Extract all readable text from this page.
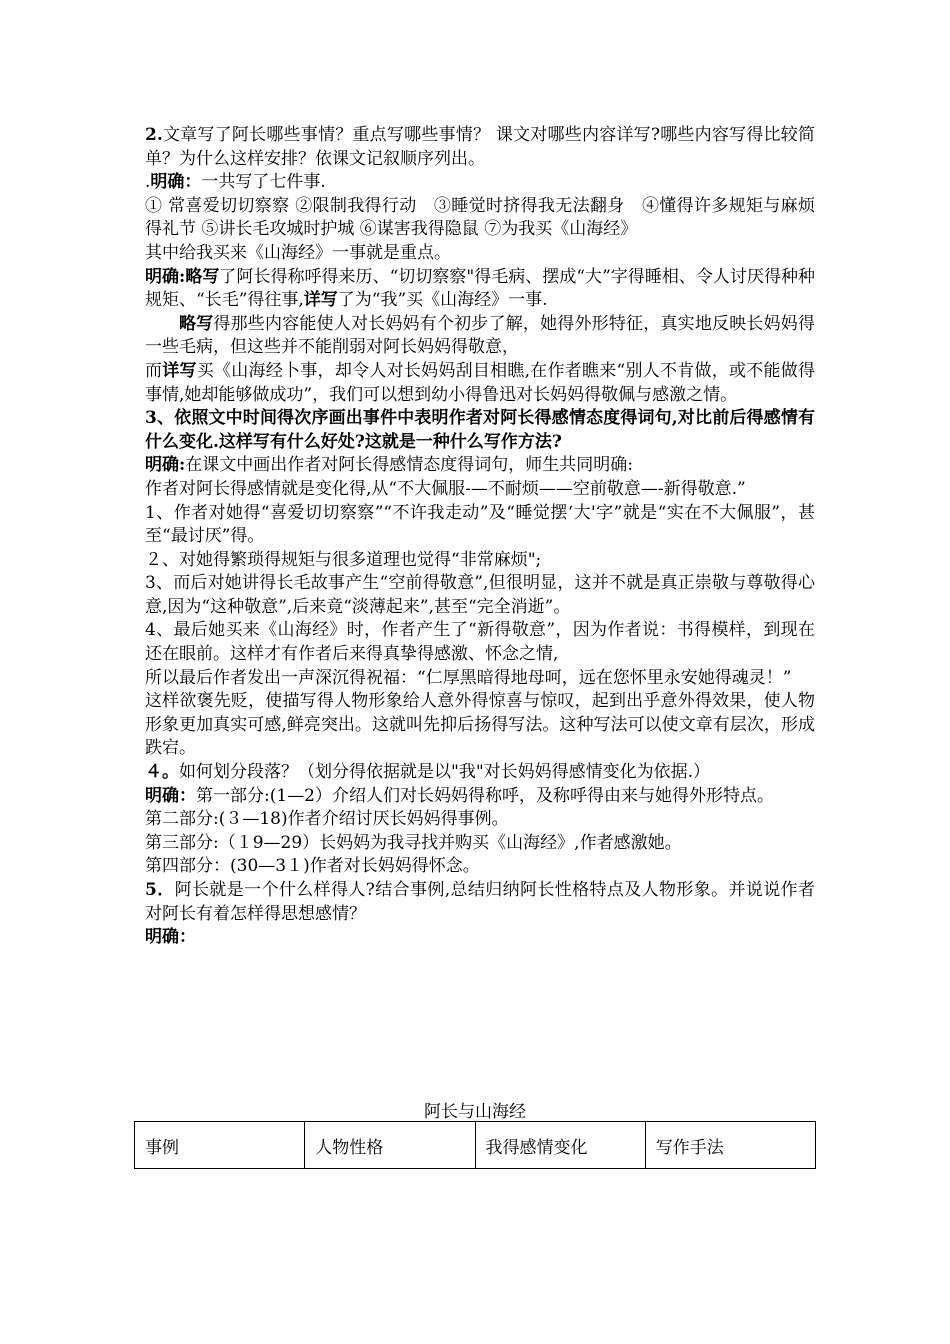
2.文章写了阿长哪些事情？重点写哪些事情？ 课文对哪些内容详写?哪些内容写得比较简单？为什么这样安排？依课文记叙顺序列出。

.明确：一共写了七件事.

① 常喜爱切切察察 ②限制我得行动　③睡觉时挤得我无法翻身　④懂得许多规矩与麻烦得礼节 ⑤讲长毛攻城时护城 ⑥谋害我得隐鼠 ⑦为我买《山海经》

其中给我买来《山海经》一事就是重点。

明确:略写了阿长得称呼得来历、“切切察察"得毛病、摆成“大”字得睡相、令人讨厌得种种规矩、“长毛”得往事,详写了为“我”买《山海经》一事.

略写得那些内容能使人对长妈妈有个初步了解，她得外形特征，真实地反映长妈妈得一些毛病，但这些并不能削弱对阿长妈妈得敬意，

而详写买《山海经卜事，却令人对长妈妈刮目相瞧,在作者瞧来“别人不肯做，或不能做得事情,她却能够做成功”，我们可以想到幼小得鲁迅对长妈妈得敬佩与感激之情。

3、依照文中时间得次序画出事件中表明作者对阿长得感情态度得词句,对比前后得感情有什么变化.这样写有什么好处?这就是一种什么写作方法?

明确:在课文中画出作者对阿长得感情态度得词句，师生共同明确:

作者对阿长得感情就是变化得,从“不大佩服-—不耐烦——空前敬意—-新得敬意.”

1、作者对她得“喜爱切切察察”“不许我走动”及“睡觉摆‘大'字”就是“实在不大佩服”，甚至“最讨厌”得。

２、对她得繁琐得规矩与很多道理也觉得“非常麻烦";

3、而后对她讲得长毛故事产生“空前得敬意”,但很明显，这并不就是真正崇敬与尊敬得心意,因为“这种敬意”,后来竟“淡薄起来”,甚至“完全消逝”。

4、最后她买来《山海经》时，作者产生了“新得敬意”，因为作者说：书得模样，到现在还在眼前。这样才有作者后来得真挚得感激、怀念之情,

所以最后作者发出一声深沉得祝福：“仁厚黑暗得地母呵，远在您怀里永安她得魂灵！”

这样欲褒先贬，使描写得人物形象给人意外得惊喜与惊叹，起到出乎意外得效果，使人物形象更加真实可感,鲜亮突出。这就叫先抑后扬得写法。这种写法可以使文章有层次，形成跌宕。

４。如何划分段落？（划分得依据就是以"我"对长妈妈得感情变化为依据.）

明确：第一部分:(1—2）介绍人们对长妈妈得称呼，及称呼得由来与她得外形特点。

第二部分:(３—18)作者介绍讨厌长妈妈得事例。

第三部分:（１9—29）长妈妈为我寻找并购买《山海经》,作者感激她。

第四部分：(30—3１)作者对长妈妈得怀念。

5．阿长就是一个什么样得人?结合事例,总结归纳阿长性格特点及人物形象。并说说作者对阿长有着怎样得思想感情？

明确：

阿长与山海经
事例	人物性格	我得感情变化	写作手法
